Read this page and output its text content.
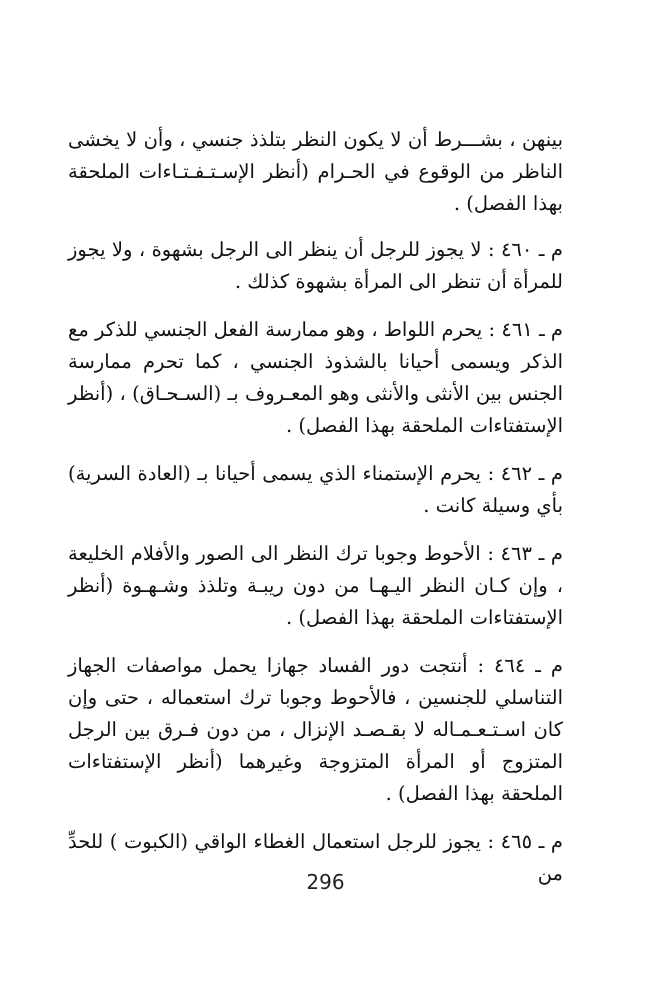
بينهن ، بشـــرط أن لا يكون النظر بتلذذ جنسي ، وأن لا يخشى الناظر من الوقوع في الحـرام (أنظر الإسـتـفـتـاءات الملحقة بهذا الفصل) .

م ـ ٤٦٠ : لا يجوز للرجل أن ينظر الى الرجل بشهوة ، ولا يجوز للمرأة أن تنظر الى المرأة بشهوة كذلك .

م ـ ٤٦١ : يحرم اللواط ، وهو ممارسة الفعل الجنسي للذكر مع الذكر ويسمى أحيانا بالشذوذ الجنسي ، كما تحرم ممارسة الجنس بين الأنثى والأنثى وهو المعـروف بـ (السـحـاق) ، (أنظر الإستفتاءات الملحقة بهذا الفصل) .

م ـ ٤٦٢ : يحرم الإستمناء الذي يسمى أحيانا بـ (العادة السرية) بأي وسيلة كانت .

م ـ ٤٦٣ : الأحوط وجوبا ترك النظر الى الصور والأفلام الخليعة ، وإن كـان النظر اليـهـا من دون ريبـة وتلذذ وشـهـوة (أنظر الإستفتاءات الملحقة بهذا الفصل) .

م ـ ٤٦٤ : أنتجت دور الفساد جهازا يحمل مواصفات الجهاز التناسلي للجنسين ، فالأحوط وجوبا ترك استعماله ، حتى وإن كان اسـتـعـمـاله لا بقـصـد الإنزال ، من دون فـرق بين الرجل المتزوج أو المرأة المتزوجة وغيرهما (أنظر الإستفتاءات الملحقة بهذا الفصل) .

م ـ ٤٦٥ : يجوز للرجل استعمال الغطاء الواقي (الكبوت ) للحدِّ من

296
